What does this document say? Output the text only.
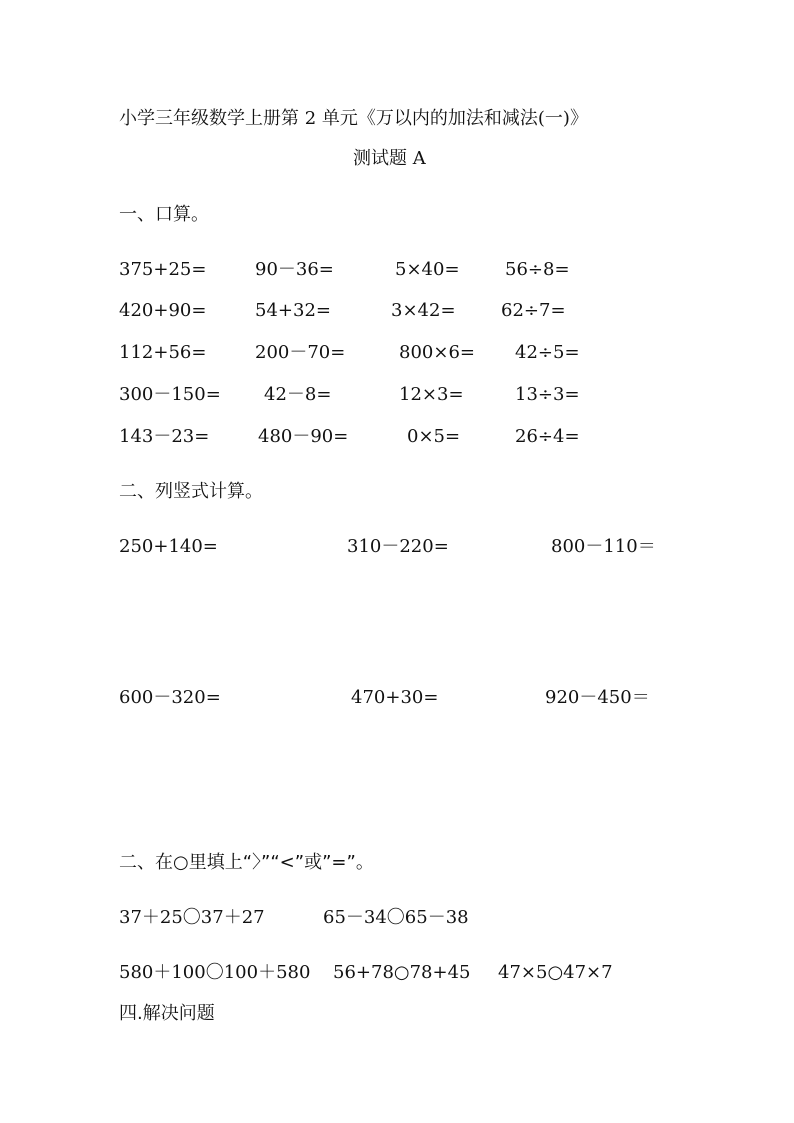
小学三年级数学上册第 2 单元《万以内的加法和减法(一)》
测试题 A
一、口算。
375+25=	90－36=	5×40=	56÷8=
420+90=	54+32=	3×42=	62÷7=
112+56=	200－70=	800×6= 42÷5=
300－150= 42－8=	12×3=	13÷3=
143－23=	480－90=	0×5=	26÷4=
二、列竖式计算。
250+140=	310－220=	800－110＝
600－320=	470+30=	920－450＝
二、在○里填上“〉”“<”或”=”。
37＋25〇37＋27	65－34〇65－38
580＋100〇100＋580 56+78○78+45 47×5○47×7
四.解决问题
